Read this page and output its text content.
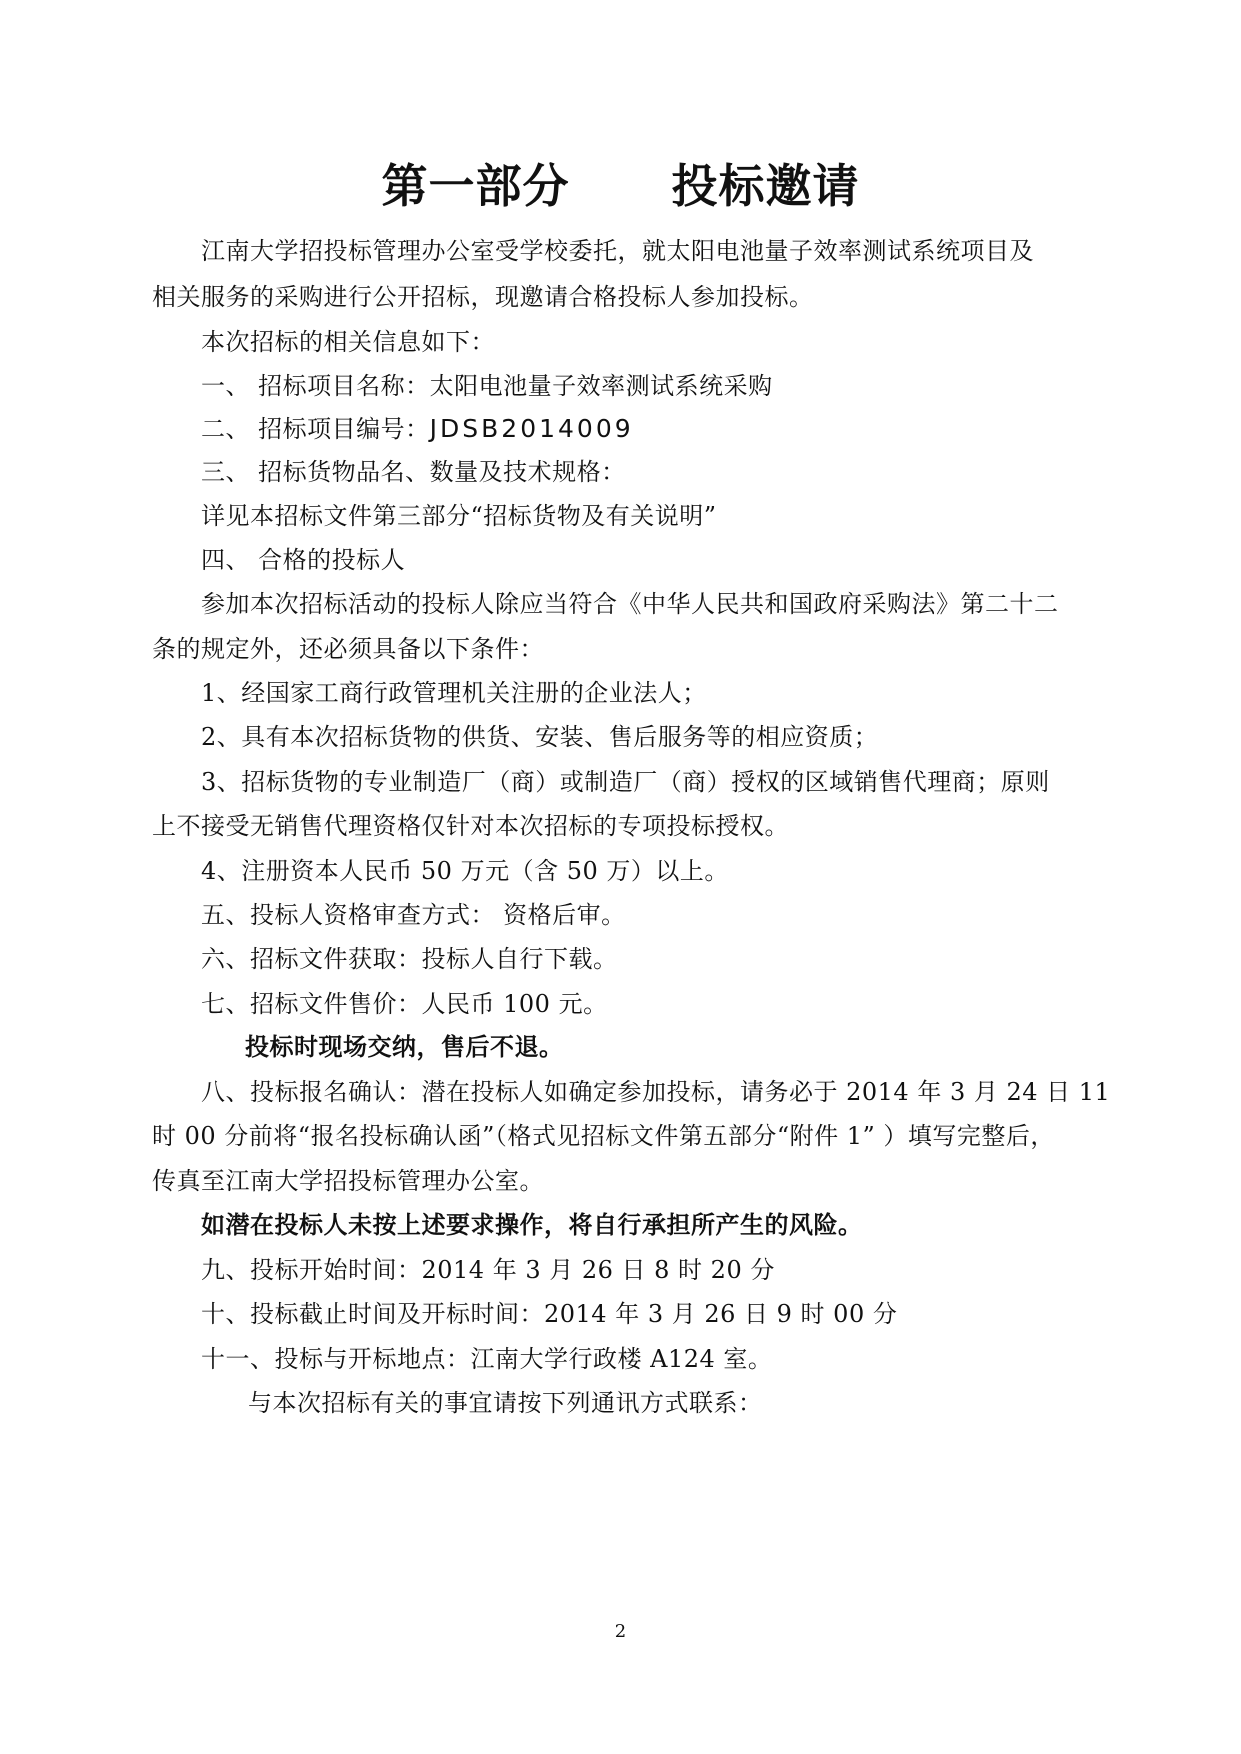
第一部分      投标邀请
江南大学招投标管理办公室受学校委托，就太阳电池量子效率测试系统项目及
相关服务的采购进行公开招标，现邀请合格投标人参加投标。
本次招标的相关信息如下：
一、 招标项目名称：太阳电池量子效率测试系统采购
二、 招标项目编号：JDSB2014009
三、 招标货物品名、数量及技术规格：
详见本招标文件第三部分“招标货物及有关说明”
四、 合格的投标人
参加本次招标活动的投标人除应当符合《中华人民共和国政府采购法》第二十二
条的规定外，还必须具备以下条件：
1、经国家工商行政管理机关注册的企业法人；
2、具有本次招标货物的供货、安装、售后服务等的相应资质；
3、招标货物的专业制造厂（商）或制造厂（商）授权的区域销售代理商；原则
上不接受无销售代理资格仅针对本次招标的专项投标授权。
4、注册资本人民币 50 万元（含 50 万）以上。
五、投标人资格审查方式： 资格后审。
六、招标文件获取：投标人自行下载。
七、招标文件售价：人民币 100 元。
投标时现场交纳，售后不退。
八、投标报名确认：潜在投标人如确定参加投标，请务必于 2014 年 3 月 24 日 11
时 00 分前将“报名投标确认函”（格式见招标文件第五部分“附件 1” ）填写完整后，
传真至江南大学招投标管理办公室。
如潜在投标人未按上述要求操作，将自行承担所产生的风险。
九、投标开始时间：2014 年 3 月 26 日 8 时 20 分
十、投标截止时间及开标时间：2014 年 3 月 26 日 9 时 00 分
十一、投标与开标地点：江南大学行政楼 A124 室。
与本次招标有关的事宜请按下列通讯方式联系：
2
